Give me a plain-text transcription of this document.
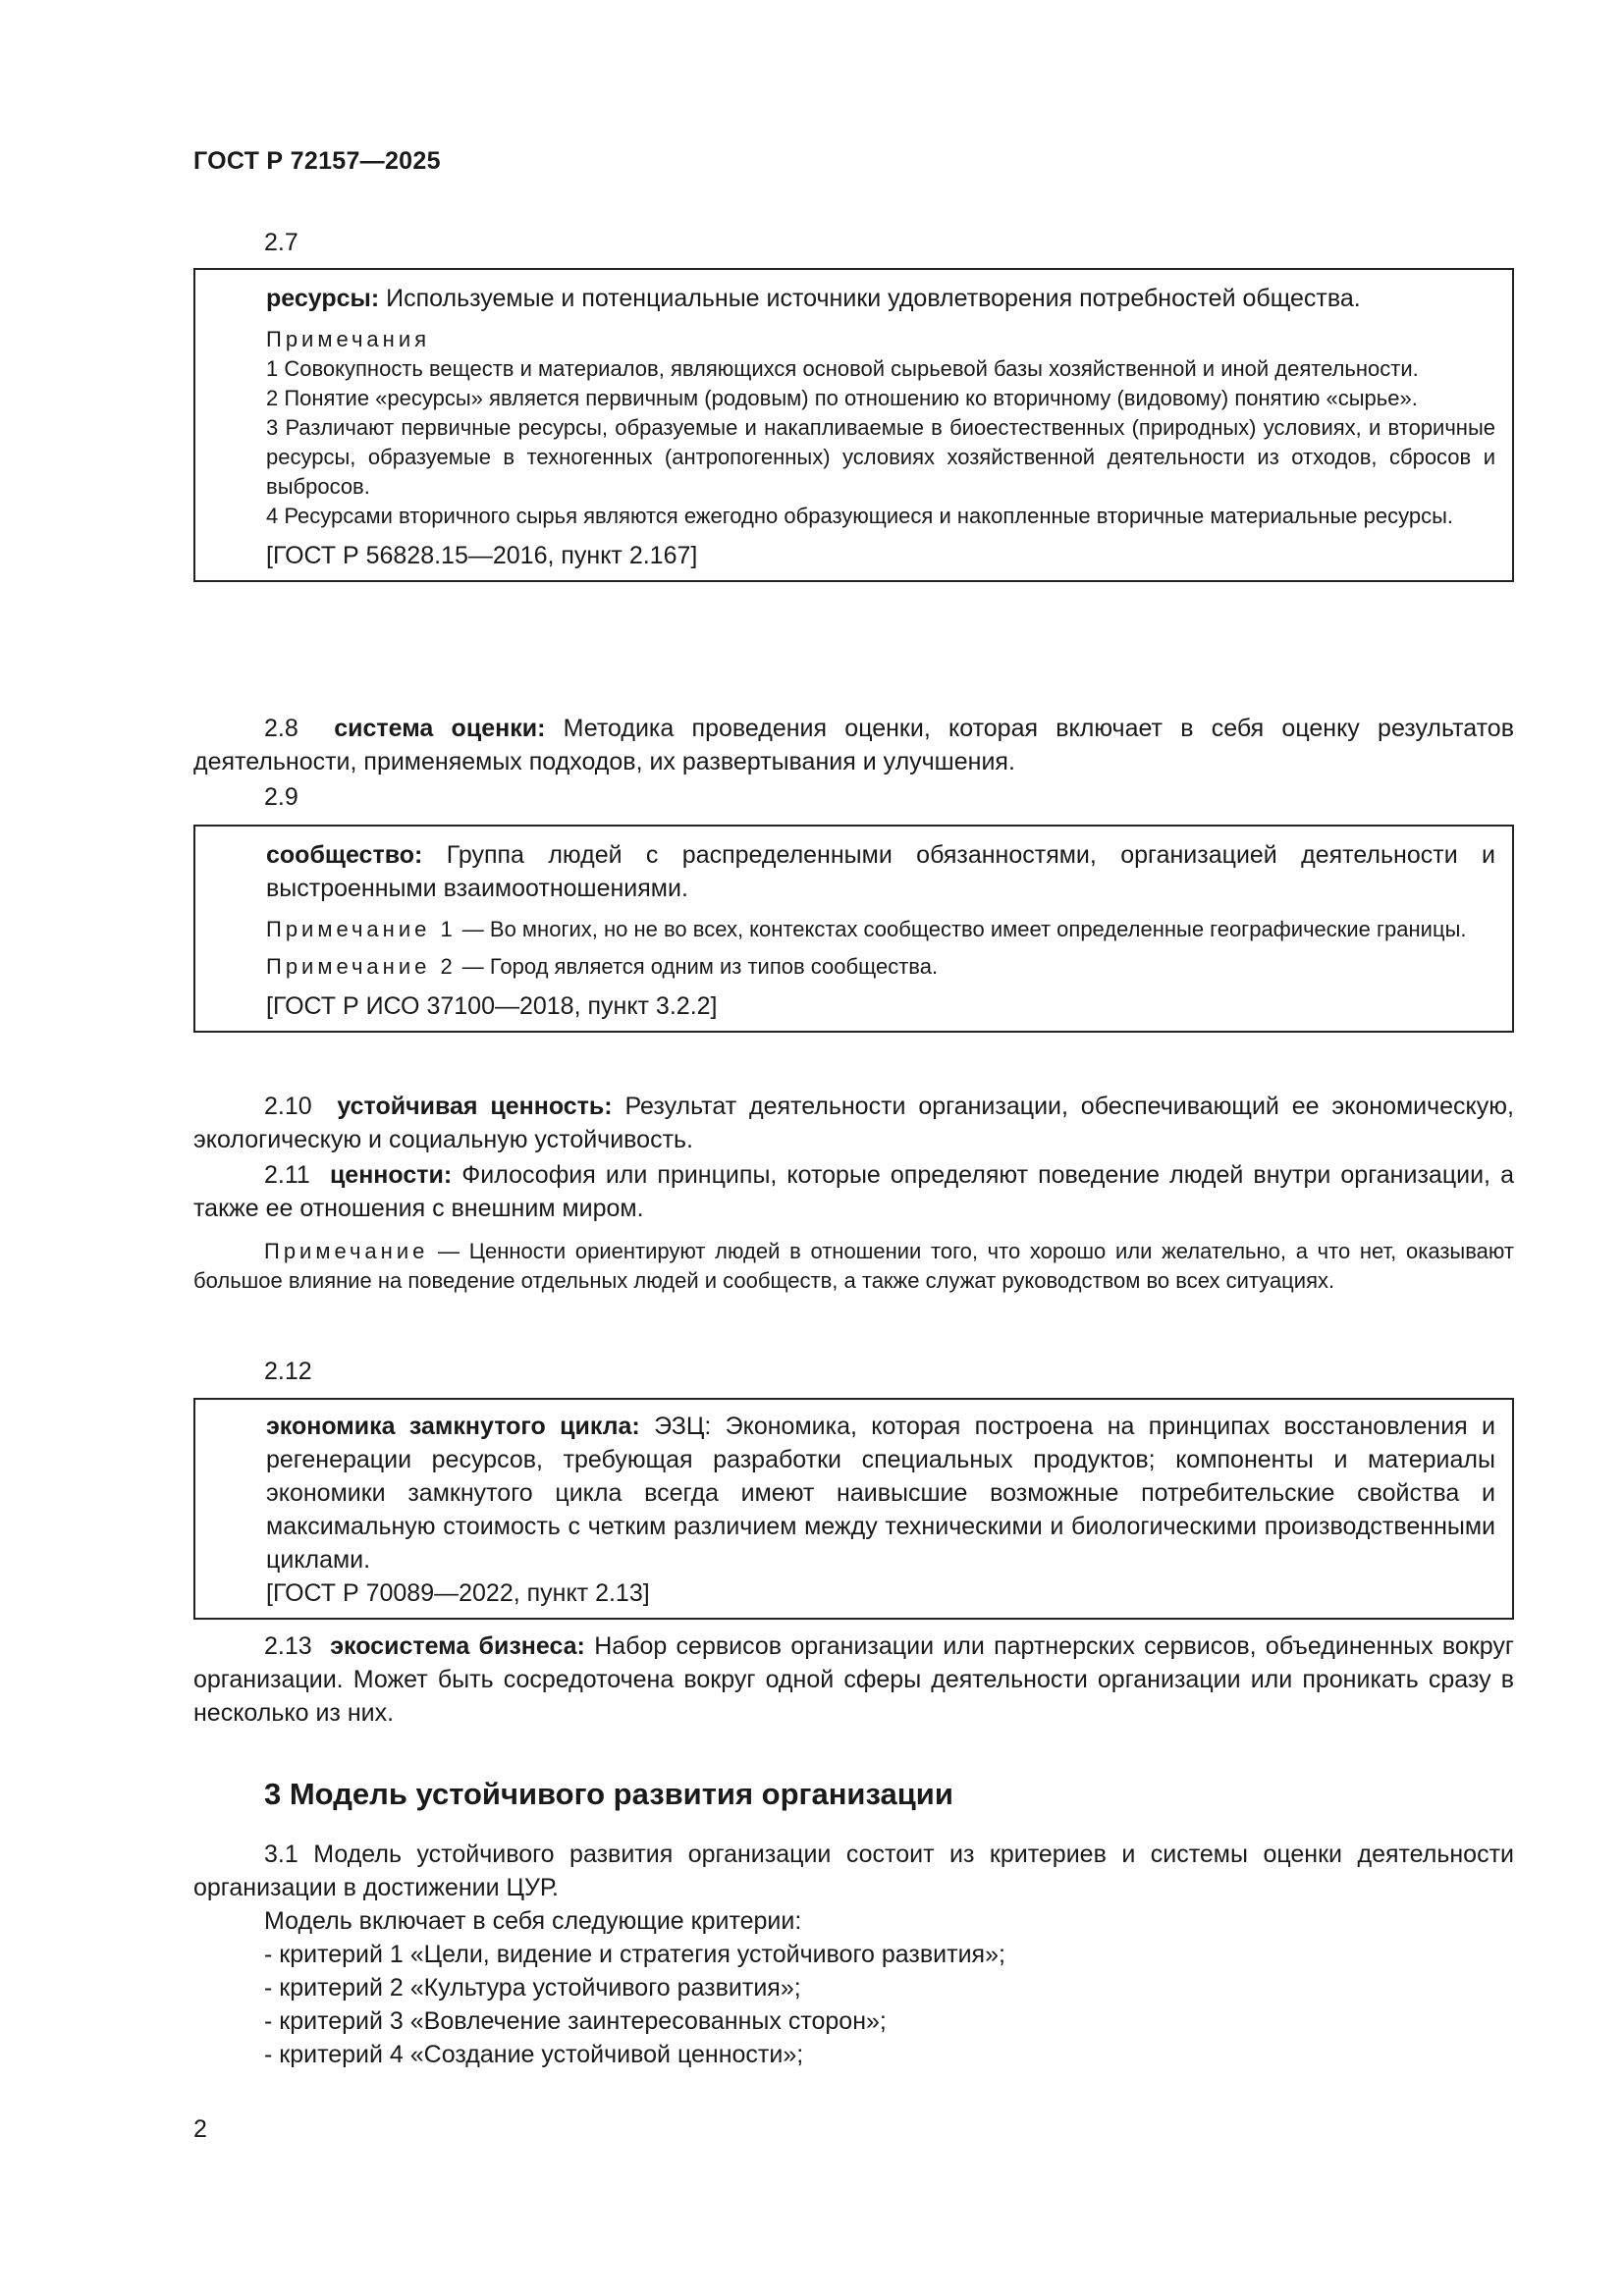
ГОСТ Р 72157—2025
2.7
ресурсы: Используемые и потенциальные источники удовлетворения потребностей общества.
Примечания
1 Совокупность веществ и материалов, являющихся основой сырьевой базы хозяйственной и иной деятельности.
2 Понятие «ресурсы» является первичным (родовым) по отношению ко вторичному (видовому) понятию «сырье».
3 Различают первичные ресурсы, образуемые и накапливаемые в биоестественных (природных) условиях, и вторичные ресурсы, образуемые в техногенных (антропогенных) условиях хозяйственной деятельности из отходов, сбросов и выбросов.
4 Ресурсами вторичного сырья являются ежегодно образующиеся и накопленные вторичные материальные ресурсы.
[ГОСТ Р 56828.15—2016, пункт 2.167]
2.8 система оценки: Методика проведения оценки, которая включает в себя оценку результатов деятельности, применяемых подходов, их развертывания и улучшения.
2.9
сообщество: Группа людей с распределенными обязанностями, организацией деятельности и выстроенными взаимоотношениями.
Примечание 1 — Во многих, но не во всех, контекстах сообщество имеет определенные географические границы.
Примечание 2 — Город является одним из типов сообщества.
[ГОСТ Р ИСО 37100—2018, пункт 3.2.2]
2.10 устойчивая ценность: Результат деятельности организации, обеспечивающий ее экономическую, экологическую и социальную устойчивость.
2.11 ценности: Философия или принципы, которые определяют поведение людей внутри организации, а также ее отношения с внешним миром.
Примечание — Ценности ориентируют людей в отношении того, что хорошо или желательно, а что нет, оказывают большое влияние на поведение отдельных людей и сообществ, а также служат руководством во всех ситуациях.
2.12
экономика замкнутого цикла: ЭЗЦ: Экономика, которая построена на принципах восстановления и регенерации ресурсов, требующая разработки специальных продуктов; компоненты и материалы экономики замкнутого цикла всегда имеют наивысшие возможные потребительские свойства и максимальную стоимость с четким различием между техническими и биологическими производственными циклами.
[ГОСТ Р 70089—2022, пункт 2.13]
2.13 экосистема бизнеса: Набор сервисов организации или партнерских сервисов, объединенных вокруг организации. Может быть сосредоточена вокруг одной сферы деятельности организации или проникать сразу в несколько из них.
3 Модель устойчивого развития организации
3.1 Модель устойчивого развития организации состоит из критериев и системы оценки деятельности организации в достижении ЦУР.
Модель включает в себя следующие критерии:
- критерий 1 «Цели, видение и стратегия устойчивого развития»;
- критерий 2 «Культура устойчивого развития»;
- критерий 3 «Вовлечение заинтересованных сторон»;
- критерий 4 «Создание устойчивой ценности»;
2
